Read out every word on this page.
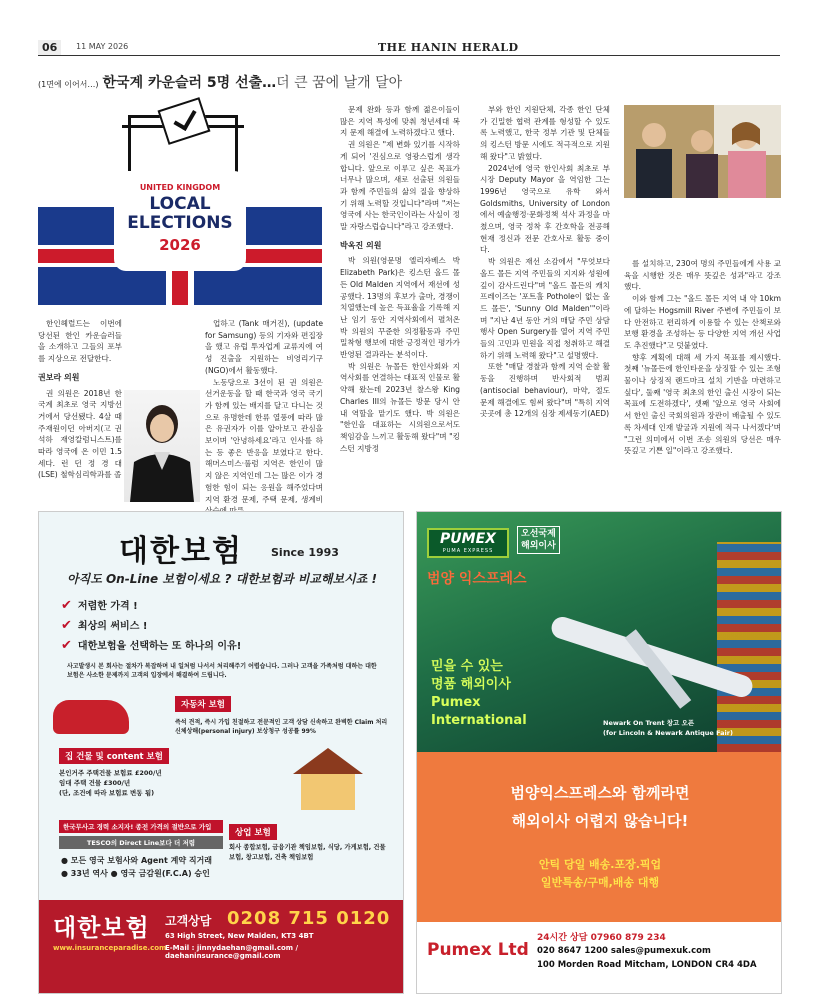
06	11 MAY 2026	THE HANIN HERALD
(1면에 이어서…) 한국계 카운슬러 5명 선출…더 큰 꿈에 날개 달아
UNITED KINGDOM
LOCAL ELECTIONS
2026

한인헤럴드는 이번에 당선된 한인 카운슬러들을 소개하고 그들의 포부를 지상으로 전달한다.

권보라 의원

권 의원은 2018년 한국계 최초로 영국 지방선거에서 당선됐다. 4살 때 주재원이던 아버지(고 권석하 재영칼럼니스트)를 따라 영국에 온 이민 1.5세다. 런 던 정 경 대 (LSE) 철학심리학과를 졸

업하고 (Tank 매거진), (update for Samsung) 등의 기자와 편집장을 했고 유럽 투자업계 교류지에 여성 진출을 지원하는 비영리기구(NGO)에서 활동했다.

노동당으로 3선이 된 권 의원은 선거운동을 할 때 한국과 영국 국기가 함께 있는 배지를 달고 다니는 것으로 유명한데 한류 열풍에 따라 많은 유권자가 이를 알아보고 관심을 보이며 '안녕하세요'라고 인사를 하는 등 좋은 반응을 보였다고 한다. 해머스미스·풀럼 지역은 한인이 많지 않은 지역인데 그는 많은 이가 경험한 힘이 되는 응원을 해주었다며 지역 환경 문제, 주택 문제, 생계비

문제 완화 등과 함께 젊은이들이 많은 지역 특성에 맞춰 청년세대 복지 문제 해결에 노력하겠다고 했다.

권 의원은 "제 변화 있기를 시작하게 되어 '진심으로 영광스럽게 생각합니다. 앞으로 이루고 싶은 목표가 너무나 많으며, 새로 선출된 의원들과 함께 주민들의 삶의 질을 향상하기 위해 노력할 것입니다"라며 "저는 영국에 사는 한국인이라는 사실이 정말 자랑스럽습니다"라고 강조했다.

박옥진 의원

박 의원(영문명 엘리자베스 박 Elizabeth Park)은 킹스턴 올드 몰든 Old Malden 지역에서 재선에 성공했다. 13명의 후보가 출마, 경쟁이 치열했는데 높은 득표율을 기록해 지난 임기 동안 지역사회에서 펼쳐온 박 의원의 꾸준한 의정활동과 주민 밀착형 행보에 대한 긍정적인 평가가 반영된 결과라는 분석이다.

박 의원은 뉴몰든 한인사회와 지역사회를 연결하는 대표적 인물로 활약해 왔는데 2023년 찰스왕 King Charles III의 뉴몰든 방문 당시 안내 역할을 맡기도 했다. 박 의원은 "한인을 대표하는 시의원으로서도 책임감을 느끼고 활동해 왔다"며 "킹스턴 지방정

부와 한인 지원단체, 각종 한인 단체가 긴밀한 협력 관계를 형성할 수 있도록 노력했고, 한국 정부 기관 및 단체들의 킹스턴 방문 시에도 적극적으로 지원해 왔다"고 밝혔다.

2024년에 영국 한인사회 최초로 부시장 Deputy Mayor 을 역임한 그는 1996년 영국으로 유학 와서 Goldsmiths, University of London에서 예술행정·문화정책 석사 과정을 마쳤으며, 영국 정착 후 간호학을 전공해 현재 정신과 전문 간호사로 활동 중이다.

박 의원은 재선 소감에서 "무엇보다 올드 몰든 지역 주민들의 지지와 성원에 깊이 감사드린다"며 "올드 몰든의 캐치프레이즈는 '포트홀 Pothole이 없는 올드 몰든', 'Sunny Old Malden'"이라며 "지난 4년 동안 거의 매달 주민 상담 행사 Open Surgery를 열어 지역 주민들의 고민과 민원을 직접 청취하고 해결하기 위해 노력해 왔다"고 설명했다.

또한 "매달 경찰과 함께 지역 순찰 활동을 진행하며 반사회적 범죄 (antisocial behaviour), 마약, 절도 문제 해결에도 힘써 왔다"며 "특히 지역 곳곳에 총 12개의 심장 제세동기(AED)

를 설치하고, 230여 명의 주민들에게 사용 교육을 시행한 것은 매우 뜻깊은 성과"라고 강조했다.

이와 함께 그는 "올드 몰든 지역 내 약 10km에 달하는 Hogsmill River 주변에 주민들이 보다 안전하고 편리하게 이용할 수 있는 산책로와 보행 환경을 조성하는 등 다양한 지역 개선 사업도 추진했다"고 덧붙였다.

향후 계획에 대해 세 가지 목표를 제시했다. 첫째 '뉴몰든에 한인타운을 상징할 수 있는 조형물이나 상징적 랜드마크 설치 기반을 마련하고 싶다', 둘째 '영국 최초의 한인 출신 시장이 되는 목표에 도전하겠다', 셋째 '앞으로 영국 사회에서 한인 출신 국회의원과 장관이 배출될 수 있도록 차세대 인재 발굴과 지원에 적극 나서겠다'며 "그런 의미에서 이번 조송 의원의 당선은 매우 뜻깊고 기쁜 일"이라고 강조했다.

대한보험	Since 1993
아직도 On-Line 보험이세요 ? 대한보험과 비교해보시죠 !
✔ 저렴한 가격 !
✔ 최상의 써비스 !
✔ 대한보험을 선택하는 또 하나의 이유!
사고발생시 본 회사는 절차가 복잡하며 내 일처럼 나서서 처리해주기 어렵습니다. 그러나 고객을 가족처럼 대하는 대한보험은 사소한 문제까지 고객의 입장에서 해결하여 드립니다.
자동차 보험
즉석 견적, 즉시 가입 친절하고 전문적인 고객 상담 신속하고 완벽한 Claim 처리 신체상해(personal injury) 보상청구 성공률 99%
집 건물 및 content 보험
본인거주 주택건물 보험료 £200/년
임대 주택 건물 £300/년
(단, 조건에 따라 보험료 변동 됨)
한국무사고 경력 소지자! 종전 가격의 절반으로 가입
TESCO의 Direct Line보다 더 저렴
● 모든 영국 보험사와 Agent 계약 직거래
● 33년 역사 ● 영국 금감원(F.C.A) 승인
상업 보험
회사 종합보험, 금융기관 책임보험, 식당, 가게보험, 건물 보험, 창고보험, 건축 책임보험
대한보험
www.insuranceparadise.com
고객상담 0208 715 0120
63 High Street, New Malden, KT3 4BT
E-Mail : jinnydaehan@gmail.com / daehaninsurance@gmail.com
PUMEX
PUMA EXPRESS
오선국제
해외이사
범양 익스프레스
믿을 수 있는
명품 해외이사
Pumex
International	Newark On Trent 창고 오픈
(for Lincoln & Newark Antique Fair)
범양익스프레스와 함께라면
해외이사 어렵지 않습니다!
안틱 당일 배송.포장.픽업
일반특송/구매,배송 대행
Pumex Ltd
24시간 상담 07960 879 234
020 8647 1200 sales@pumexuk.com
100 Morden Road Mitcham, LONDON CR4 4DA
